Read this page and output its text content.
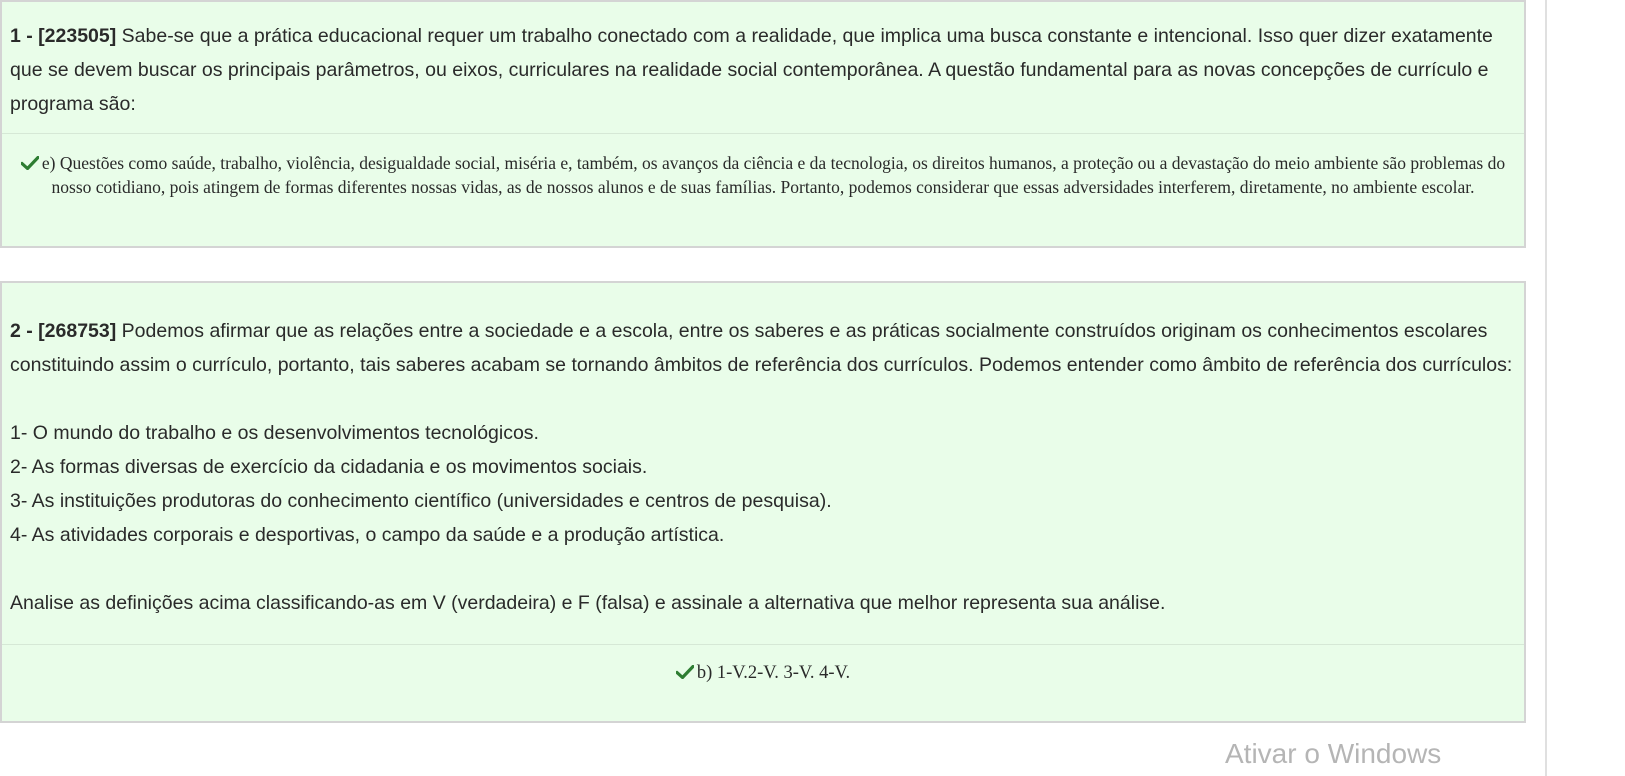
1 - [223505] Sabe-se que a prática educacional requer um trabalho conectado com a realidade, que implica uma busca constante e intencional. Isso quer dizer exatamente que se devem buscar os principais parâmetros, ou eixos, curriculares na realidade social contemporânea. A questão fundamental para as novas concepções de currículo e programa são:

e) Questões como saúde, trabalho, violência, desigualdade social, miséria e, também, os avanços da ciência e da tecnologia, os direitos humanos, a proteção ou a devastação do meio ambiente são problemas do nosso cotidiano, pois atingem de formas diferentes nossas vidas, as de nossos alunos e de suas famílias. Portanto, podemos considerar que essas adversidades interferem, diretamente, no ambiente escolar.

2 - [268753] Podemos afirmar que as relações entre a sociedade e a escola, entre os saberes e as práticas socialmente construídos originam os conhecimentos escolares constituindo assim o currículo, portanto, tais saberes acabam se tornando âmbitos de referência dos currículos. Podemos entender como âmbito de referência dos currículos:
1- O mundo do trabalho e os desenvolvimentos tecnológicos.
2- As formas diversas de exercício da cidadania e os movimentos sociais.
3- As instituições produtoras do conhecimento científico (universidades e centros de pesquisa).
4- As atividades corporais e desportivas, o campo da saúde e a produção artística.
Analise as definições acima classificando-as em V (verdadeira) e F (falsa) e assinale a alternativa que melhor representa sua análise.

b) 1-V.2-V. 3-V. 4-V.

Ativar o Windows
